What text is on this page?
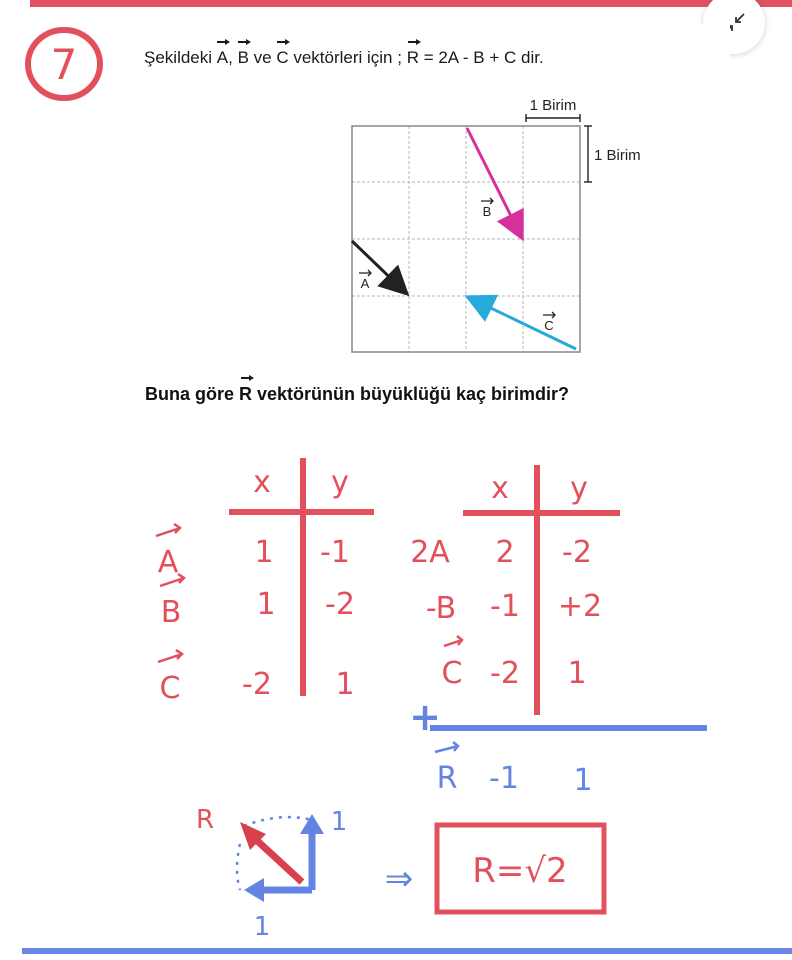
7	Şekildeki A, B ve C vektörleri için ; R = 2A - B + C dir.
1 Birim
1 Birim
A
B
C
Buna göre R vektörünün büyüklüğü kaç birimdir?
x y
A	1 -1
B	1 -2
C -2 1
x y
2A 2 -2
-B -1 +2
C -2 1
+
R -1 1
R	1
1
⇒ R=√2
